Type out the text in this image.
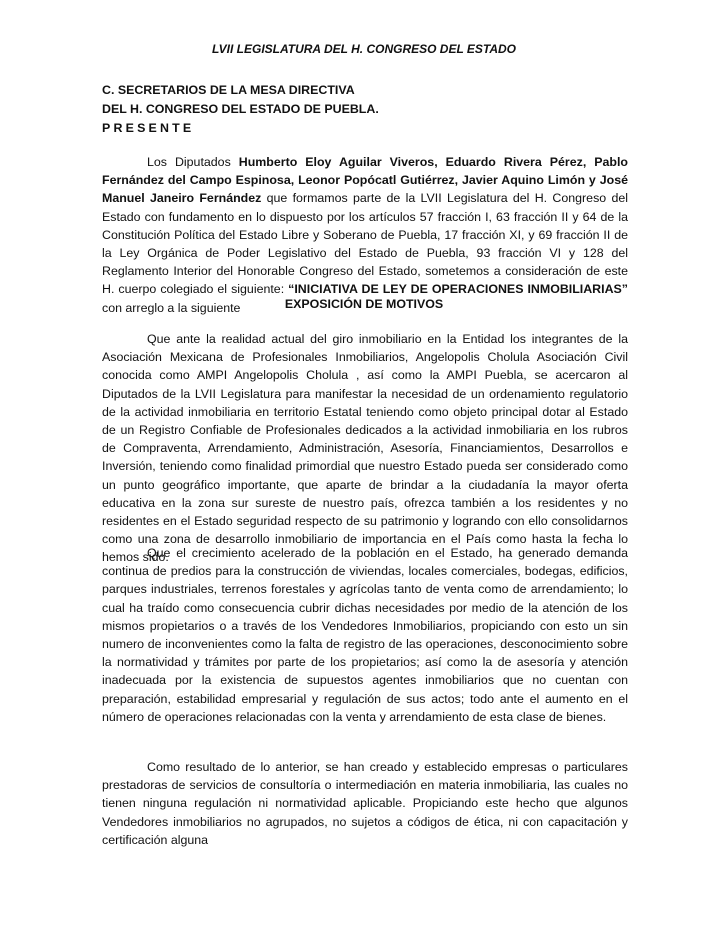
LVII LEGISLATURA DEL H. CONGRESO DEL ESTADO
C. SECRETARIOS DE LA MESA DIRECTIVA
DEL H. CONGRESO DEL ESTADO DE PUEBLA.
PRESENTE

Los Diputados Humberto Eloy Aguilar Viveros, Eduardo Rivera Pérez, Pablo Fernández del Campo Espinosa, Leonor Popócatl Gutiérrez, Javier Aquino Limón y José Manuel Janeiro Fernández que formamos parte de la LVII Legislatura del H. Congreso del Estado con fundamento en lo dispuesto por los artículos 57 fracción I, 63 fracción II y 64 de la Constitución Política del Estado Libre y Soberano de Puebla, 17 fracción XI, y 69 fracción II de la Ley Orgánica de Poder Legislativo del Estado de Puebla, 93 fracción VI y 128 del Reglamento Interior del Honorable Congreso del Estado, sometemos a consideración de este H. cuerpo colegiado el siguiente: “INICIATIVA DE LEY DE OPERACIONES INMOBILIARIAS” con arreglo a la siguiente	EXPOSICIÓN DE MOTIVOS

Que ante la realidad actual del giro inmobiliario en la Entidad los integrantes de la Asociación Mexicana de Profesionales Inmobiliarios, Angelopolis Cholula Asociación Civil conocida como AMPI Angelopolis Cholula , así como la AMPI Puebla, se acercaron al Diputados de la LVII Legislatura para manifestar la necesidad de un ordenamiento regulatorio de la actividad inmobiliaria en territorio Estatal teniendo como objeto principal dotar al Estado de un Registro Confiable de Profesionales dedicados a la actividad inmobiliaria en los rubros de Compraventa, Arrendamiento, Administración, Asesoría, Financiamientos, Desarrollos e Inversión, teniendo como finalidad primordial que nuestro Estado pueda ser considerado como un punto geográfico importante, que aparte de brindar a la ciudadanía la mayor oferta educativa en la zona sur sureste de nuestro país, ofrezca también a los residentes y no residentes en el Estado seguridad respecto de su patrimonio y logrando con ello consolidarnos como una zona de desarrollo inmobiliario de importancia en el País como hasta la fecha lo hemos sido.

Que el crecimiento acelerado de la población en el Estado, ha generado demanda continua de predios para la construcción de viviendas, locales comerciales, bodegas, edificios, parques industriales, terrenos forestales y agrícolas tanto de venta como de arrendamiento; lo cual ha traído como consecuencia cubrir dichas necesidades por medio de la atención de los mismos propietarios o a través de los Vendedores Inmobiliarios, propiciando con esto un sin numero de inconvenientes como la falta de registro de las operaciones, desconocimiento sobre la normatividad y trámites por parte de los propietarios; así como la de asesoría y atención inadecuada por la existencia de supuestos agentes inmobiliarios que no cuentan con preparación, estabilidad empresarial y regulación de sus actos; todo ante el aumento en el número de operaciones relacionadas con la venta y arrendamiento de esta clase de bienes.

Como resultado de lo anterior, se han creado y establecido empresas o particulares prestadoras de servicios de consultoría o intermediación en materia inmobiliaria, las cuales no tienen ninguna regulación ni normatividad aplicable. Propiciando este hecho que algunos Vendedores inmobiliarios no agrupados, no sujetos a códigos de ética, ni con capacitación y certificación alguna
